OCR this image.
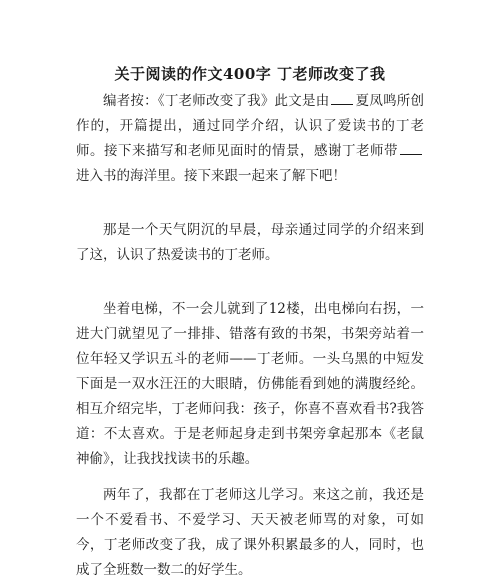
关于阅读的作文400字 丁老师改变了我
编者按：《丁老师改变了我》此文是由 夏凤鸣所创作的，开篇提出，通过同学介绍，认识了爱读书的丁老师。接下来描写和老师见面时的情景，感谢丁老师带进入书的海洋里。接下来跟一起来了解下吧！
那是一个天气阴沉的早晨，母亲通过同学的介绍来到了这，认识了热爱读书的丁老师。
坐着电梯，不一会儿就到了12楼，出电梯向右拐，一进大门就望见了一排排、错落有致的书架，书架旁站着一位年轻又学识五斗的老师——丁老师。一头乌黑的中短发下面是一双水汪汪的大眼睛，仿佛能看到她的满腹经纶。相互介绍完毕，丁老师问我：孩子，你喜不喜欢看书?我答道：不太喜欢。于是老师起身走到书架旁拿起那本《老鼠神偷》，让我找找读书的乐趣。
两年了，我都在丁老师这儿学习。来这之前，我还是一个不爱看书、不爱学习、天天被老师骂的对象，可如今，丁老师改变了我，成了课外积累最多的人，同时，也成了全班数一数二的好学生。
